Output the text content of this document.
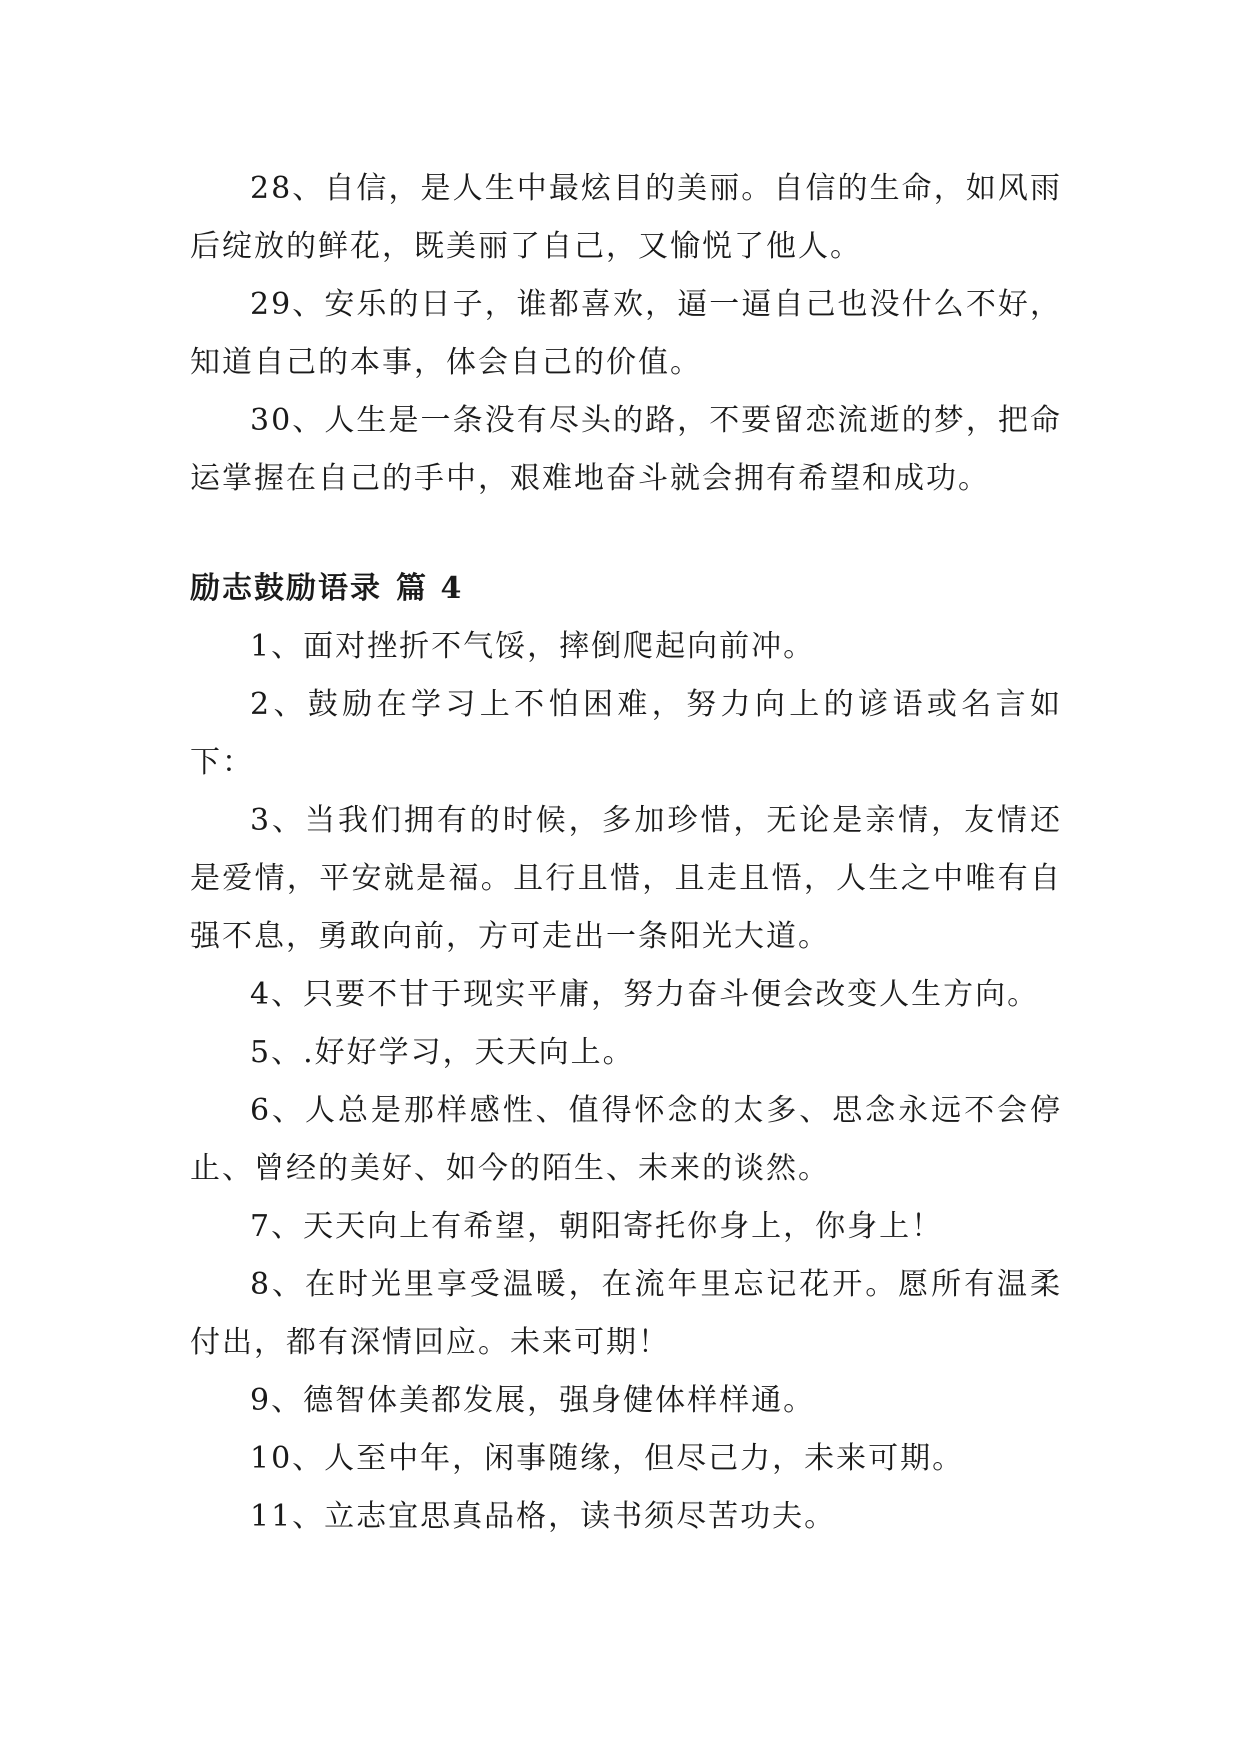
28、自信，是人生中最炫目的美丽。自信的生命，如风雨后绽放的鲜花，既美丽了自己，又愉悦了他人。

29、安乐的日子，谁都喜欢，逼一逼自己也没什么不好，知道自己的本事，体会自己的价值。

30、人生是一条没有尽头的路，不要留恋流逝的梦，把命运掌握在自己的手中，艰难地奋斗就会拥有希望和成功。

励志鼓励语录 篇 4

1、面对挫折不气馁，摔倒爬起向前冲。

2、鼓励在学习上不怕困难，努力向上的谚语或名言如下：

3、当我们拥有的时候，多加珍惜，无论是亲情，友情还是爱情，平安就是福。且行且惜，且走且悟，人生之中唯有自强不息，勇敢向前，方可走出一条阳光大道。

4、只要不甘于现实平庸，努力奋斗便会改变人生方向。

5、.好好学习，天天向上。

6、人总是那样感性、值得怀念的太多、思念永远不会停止、曾经的美好、如今的陌生、未来的谈然。

7、天天向上有希望，朝阳寄托你身上，你身上！

8、在时光里享受温暖，在流年里忘记花开。愿所有温柔付出，都有深情回应。未来可期！

9、德智体美都发展，强身健体样样通。

10、人至中年，闲事随缘，但尽己力，未来可期。

11、立志宜思真品格，读书须尽苦功夫。
